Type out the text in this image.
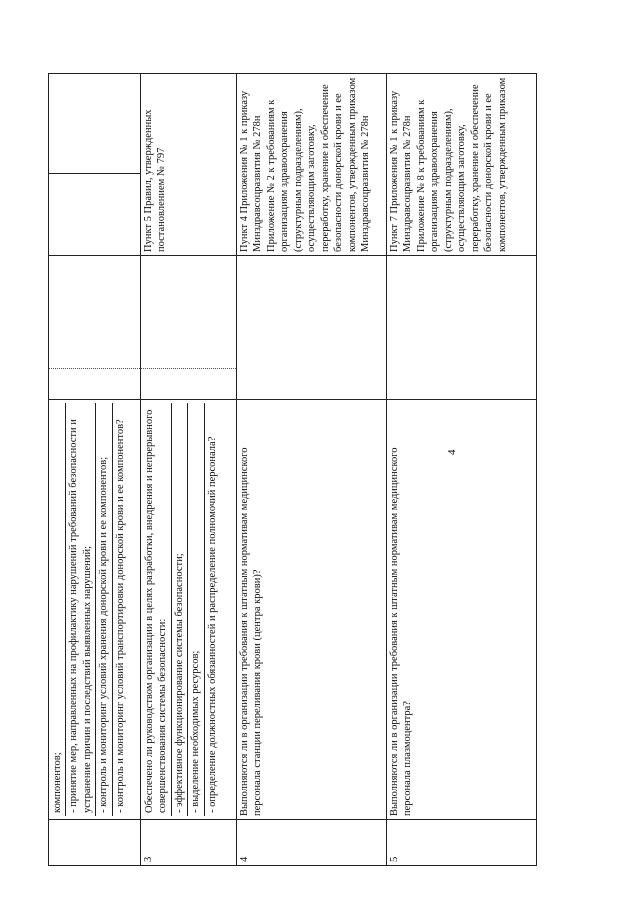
4

	компонентов; - принятие мер, направленных на профилактику нарушений требований безопасности и устранение причин и последствий выявленных нарушений; - контроль и мониторинг условий хранения донорской крови и ее компонентов; - контроль и мониторинг условий транспортировки донорской крови и ее компонентов?			

3	Обеспечено ли руководством организации в целях разработки, внедрения и непрерывного совершенствования системы безопасности: - эффективное функционирование системы безопасности; - выделение необходимых ресурсов; - определение должностных обязанностей и распределение полномочий персонала?		Пункт 5 Правил, утвержденных постановлением № 797	
4	Выполняются ли в организации требования к штатным нормативам медицинского персонала станции переливания крови (центра крови)?		Пункт 4 Приложения № 1 к приказу Минздравсоцразвития № 278н Приложение № 2 к требованиям к организациям здравоохранения (структурным подразделениям), осуществляющим заготовку, переработку, хранение и обеспечение безопасности донорской крови и ее компонентов, утвержденным приказом Минздравсоцразвития № 278н	
5	Выполняются ли в организации требования к штатным нормативам медицинского персонала плазмоцентра?		Пункт 7 Приложения № 1 к приказу Минздравсоцразвития № 278н Приложение № 8 к требованиям к организациям здравоохранения (структурным подразделениям), осуществляющим заготовку, переработку, хранение и обеспечение безопасности донорской крови и ее компонентов, утвержденным приказом	
